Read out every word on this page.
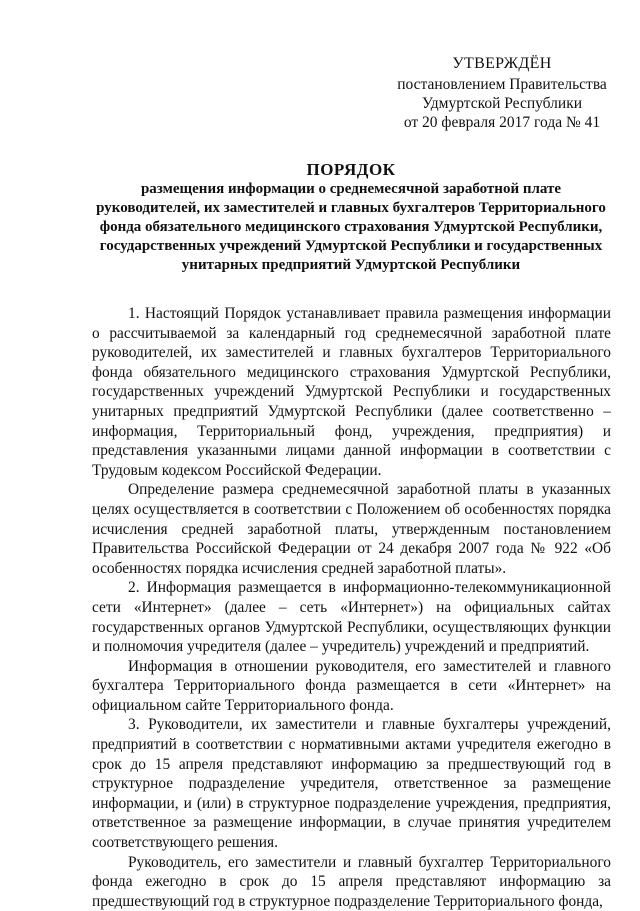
УТВЕРЖДЁН
постановлением Правительства
Удмуртской Республики
от 20 февраля 2017 года № 41
ПОРЯДОК
размещения информации о среднемесячной заработной плате
руководителей, их заместителей и главных бухгалтеров Территориального
фонда обязательного медицинского страхования Удмуртской Республики,
государственных учреждений Удмуртской Республики и государственных
унитарных предприятий Удмуртской Республики

1. Настоящий Порядок устанавливает правила размещения информации о рассчитываемой за календарный год среднемесячной заработной плате руководителей, их заместителей и главных бухгалтеров Территориального фонда обязательного медицинского страхования Удмуртской Республики, государственных учреждений Удмуртской Республики и государственных унитарных предприятий Удмуртской Республики (далее соответственно – информация, Территориальный фонд, учреждения, предприятия) и представления указанными лицами данной информации в соответствии с Трудовым кодексом Российской Федерации.

Определение размера среднемесячной заработной платы в указанных целях осуществляется в соответствии с Положением об особенностях порядка исчисления средней заработной платы, утвержденным постановлением Правительства Российской Федерации от 24 декабря 2007 года № 922 «Об особенностях порядка исчисления средней заработной платы».

2. Информация размещается в информационно-телекоммуникационной сети «Интернет» (далее – сеть «Интернет») на официальных сайтах государственных органов Удмуртской Республики, осуществляющих функции и полномочия учредителя (далее – учредитель) учреждений и предприятий.

Информация в отношении руководителя, его заместителей и главного бухгалтера Территориального фонда размещается в сети «Интернет» на официальном сайте Территориального фонда.

3. Руководители, их заместители и главные бухгалтеры учреждений, предприятий в соответствии с нормативными актами учредителя ежегодно в срок до 15 апреля представляют информацию за предшествующий год в структурное подразделение учредителя, ответственное за размещение информации, и (или) в структурное подразделение учреждения, предприятия, ответственное за размещение информации, в случае принятия учредителем соответствующего решения.

Руководитель, его заместители и главный бухгалтер Территориального фонда ежегодно в срок до 15 апреля представляют информацию за предшествующий год в структурное подразделение Территориального фонда,
